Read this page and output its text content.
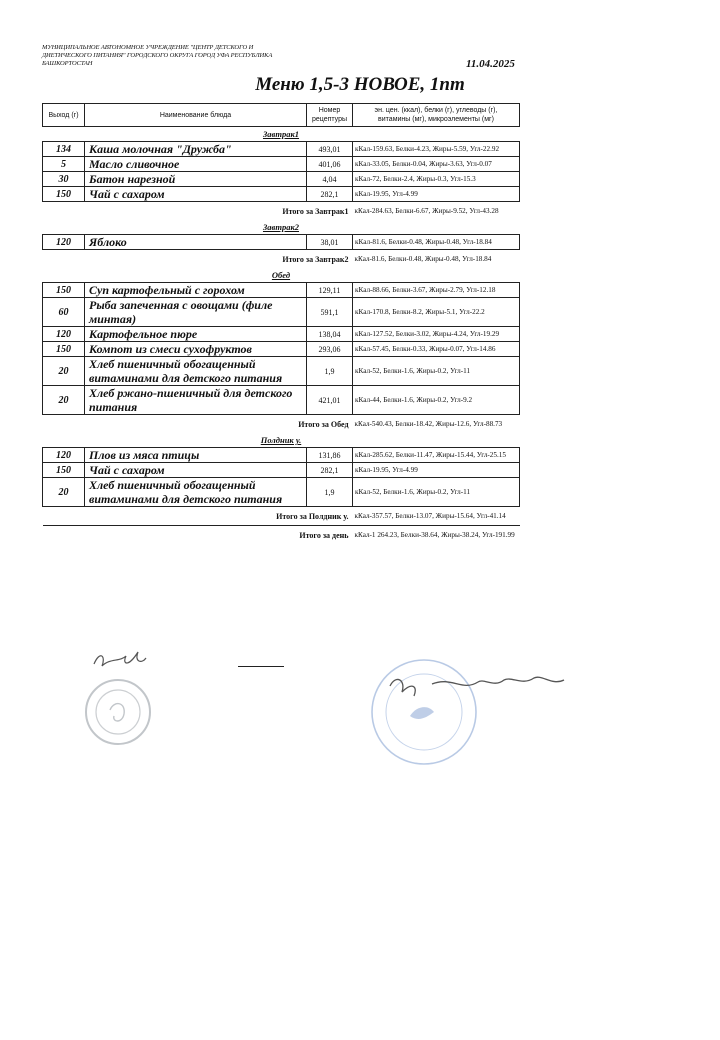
МУНИЦИПАЛЬНОЕ АВТОНОМНОЕ УЧРЕЖДЕНИЕ "ЦЕНТР ДЕТСКОГО И
ДИЕТИЧЕСКОГО ПИТАНИЯ" ГОРОДСКОГО ОКРУГА ГОРОД УФА РЕСПУБЛИКА
БАШКОРТОСТАН	11.04.2025
Меню 1,5-3 НОВОЕ, 1пт
Выход (г)	Наименование блюда	Номер
рецептуры	эн. цен. (ккал), белки (г), углеводы (г),
витамины (мг), микроэлементы (мг)
Завтрак1			
134	Каша молочная "Дружба"	493,01	кКал-159.63, Белки-4.23, Жиры-5.59, Угл-22.92
5	Масло сливочное	401,06	кКал-33.05, Белки-0.04, Жиры-3.63, Угл-0.07
30	Батон нарезной	4,04	кКал-72, Белки-2.4, Жиры-0.3, Угл-15.3
150	Чай с сахаром	282,1	кКал-19.95, Угл-4.99
Итого за Завтрак1			кКал-284.63, Белки-6.67, Жиры-9.52, Угл-43.28
Завтрак2			
120	Яблоко	38,01	кКал-81.6, Белки-0.48, Жиры-0.48, Угл-18.84
Итого за Завтрак2			кКал-81.6, Белки-0.48, Жиры-0.48, Угл-18.84
Обед			
150	Суп картофельный с горохом	129,11	кКал-88.66, Белки-3.67, Жиры-2.79, Угл-12.18
60	Рыба запеченная с овощами (филе минтая)	591,1	кКал-170.8, Белки-8.2, Жиры-5.1, Угл-22.2
120	Картофельное пюре	138,04	кКал-127.52, Белки-3.02, Жиры-4.24, Угл-19.29
150	Компот из смеси сухофруктов	293,06	кКал-57.45, Белки-0.33, Жиры-0.07, Угл-14.86
20	Хлеб пшеничный обогащенный витаминами для детского питания	1,9	кКал-52, Белки-1.6, Жиры-0.2, Угл-11
20	Хлеб ржано-пшеничный для детского питания	421,01	кКал-44, Белки-1.6, Жиры-0.2, Угл-9.2
Итого за Обед			кКал-540.43, Белки-18.42, Жиры-12.6, Угл-88.73
Полдник у.			
120	Плов из мяса птицы	131,86	кКал-285.62, Белки-11.47, Жиры-15.44, Угл-25.15
150	Чай с сахаром	282,1	кКал-19.95, Угл-4.99
20	Хлеб пшеничный обогащенный витаминами для детского питания	1,9	кКал-52, Белки-1.6, Жиры-0.2, Угл-11
Итого за Полдник у.			кКал-357.57, Белки-13.07, Жиры-15.64, Угл-41.14
Итого за день			кКал-1 264.23, Белки-38.64, Жиры-38.24, Угл-191.99
